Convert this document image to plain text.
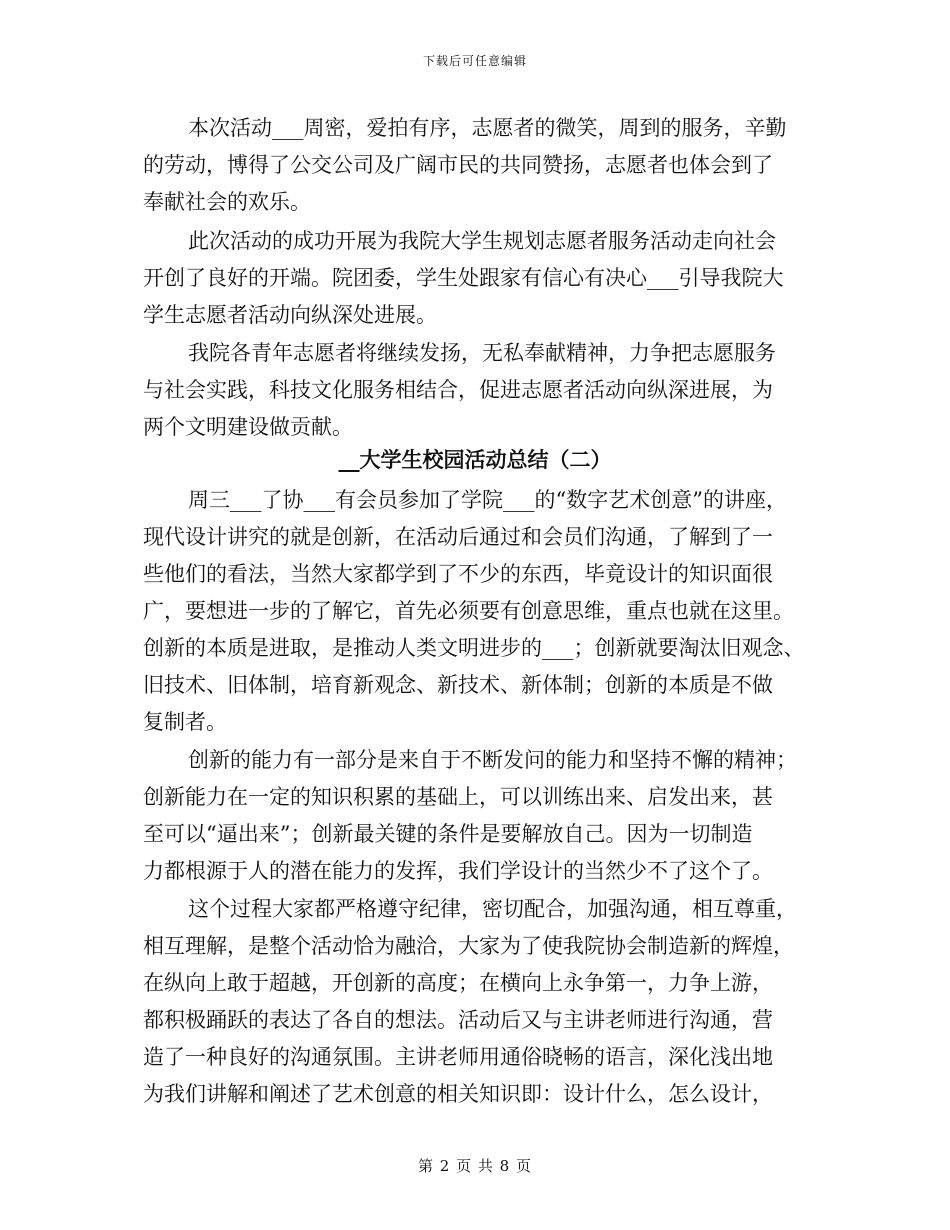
下载后可任意编辑
本次活动___周密，爱拍有序，志愿者的微笑，周到的服务，辛勤
的劳动，博得了公交公司及广阔市民的共同赞扬，志愿者也体会到了
奉献社会的欢乐。
此次活动的成功开展为我院大学生规划志愿者服务活动走向社会
开创了良好的开端。院团委，学生处跟家有信心有决心___引导我院大
学生志愿者活动向纵深处进展。
我院各青年志愿者将继续发扬，无私奉献精神，力争把志愿服务
与社会实践，科技文化服务相结合，促进志愿者活动向纵深进展，为
两个文明建设做贡献。
__大学生校园活动总结（二）
周三___了协___有会员参加了学院___的“数字艺术创意”的讲座，
现代设计讲究的就是创新，在活动后通过和会员们沟通，了解到了一
些他们的看法，当然大家都学到了不少的东西，毕竟设计的知识面很
广，要想进一步的了解它，首先必须要有创意思维，重点也就在这里。
创新的本质是进取，是推动人类文明进步的___；创新就要淘汰旧观念、
旧技术、旧体制，培育新观念、新技术、新体制；创新的本质是不做
复制者。
创新的能力有一部分是来自于不断发问的能力和坚持不懈的精神；
创新能力在一定的知识积累的基础上，可以训练出来、启发出来，甚
至可以“逼出来”；创新最关键的条件是要解放自己。因为一切制造
力都根源于人的潜在能力的发挥，我们学设计的当然少不了这个了。
这个过程大家都严格遵守纪律，密切配合，加强沟通，相互尊重，
相互理解，是整个活动恰为融洽，大家为了使我院协会制造新的辉煌，
在纵向上敢于超越，开创新的高度；在横向上永争第一，力争上游，
都积极踊跃的表达了各自的想法。活动后又与主讲老师进行沟通，营
造了一种良好的沟通氛围。主讲老师用通俗晓畅的语言，深化浅出地
为我们讲解和阐述了艺术创意的相关知识即：设计什么，怎么设计，
第 2 页 共 8 页
